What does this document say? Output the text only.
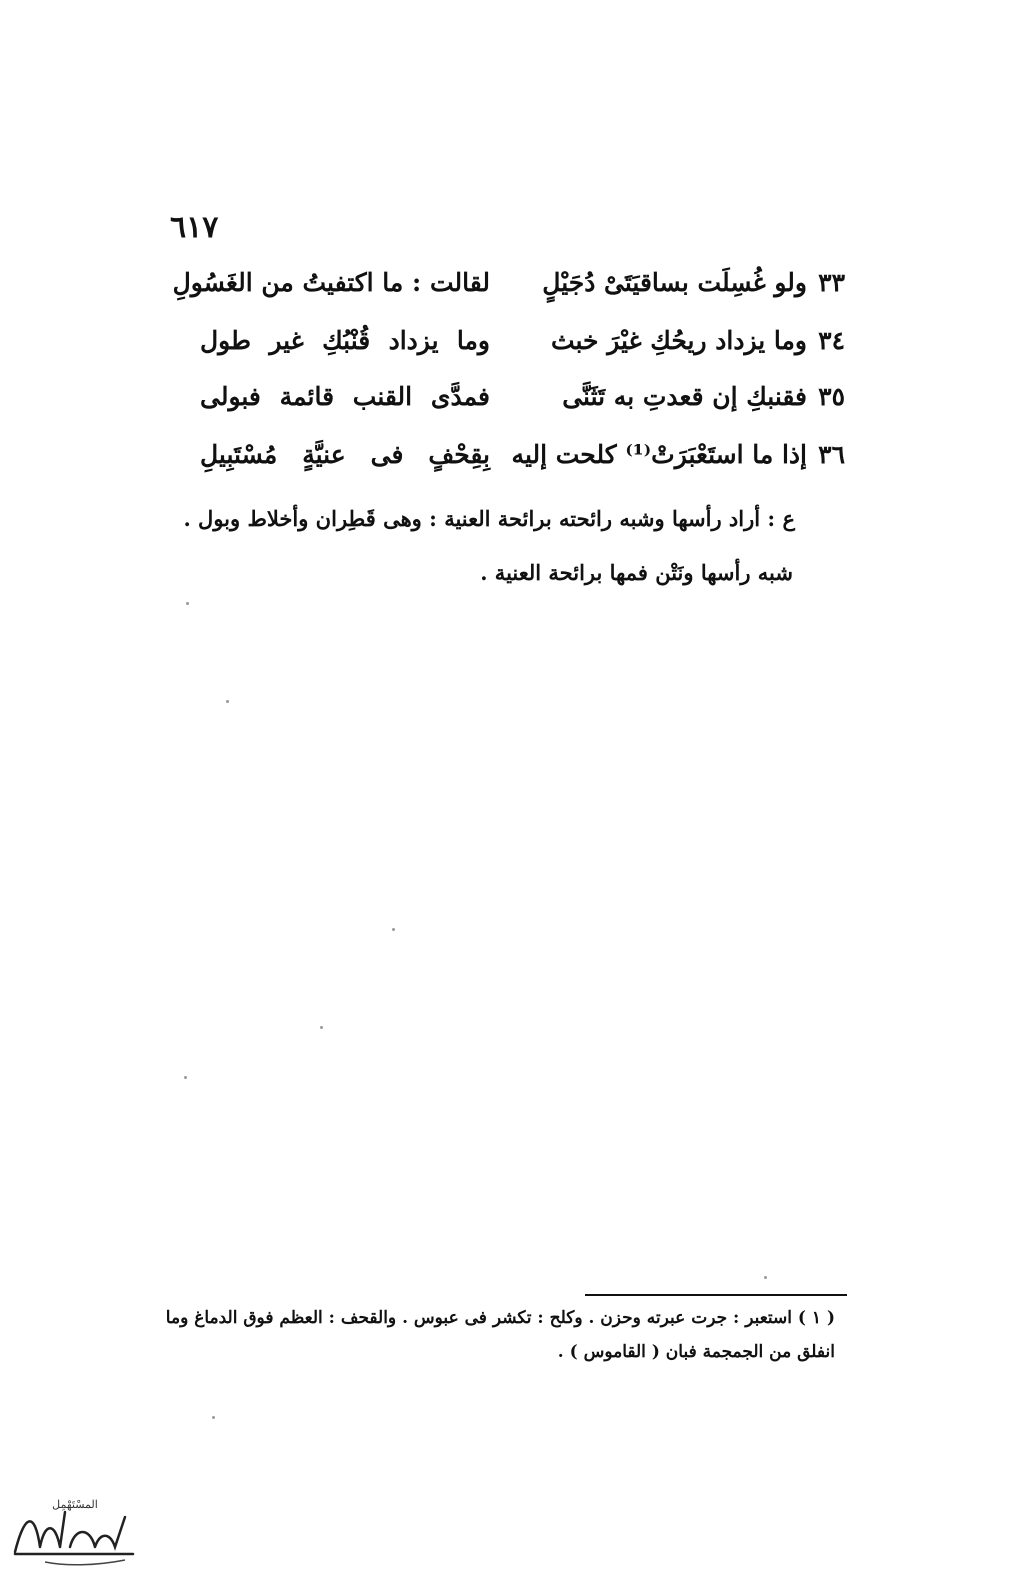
٦١٧
٣٣
ولو غُسِلَت بساقيَتَىْ دُجَيْلٍ
لقالت : ما اكتفيتُ من الغَسُولِ
٣٤
وما يزداد ريحُكِ غيْرَ خبث
وما يزداد قُنْبُكِ غير طول
٣٥
فقنبكِ إن قعدتِ به تَثَنَّى
فمدَّى القنب قائمة فبولى
٣٦
إذا ما استَعْبَرَتْ⁽¹⁾ كلحت إليه
بِقِحْفٍ فى عنيَّةٍ مُسْتَبِيلِ
ع : أراد رأسها وشبه رائحته برائحة العنية : وهى قَطِران وأخلاط وبول .
شبه رأسها ونَتْن فمها برائحة العنية .
( ١ ) استعبر : جرت عبرته وحزن . وكلح : تكشر فى عبوس . والقحف : العظم فوق الدماغ وما
انفلق من الجمجمة فبان ( القاموس ) .
المسْتَهْمِل
